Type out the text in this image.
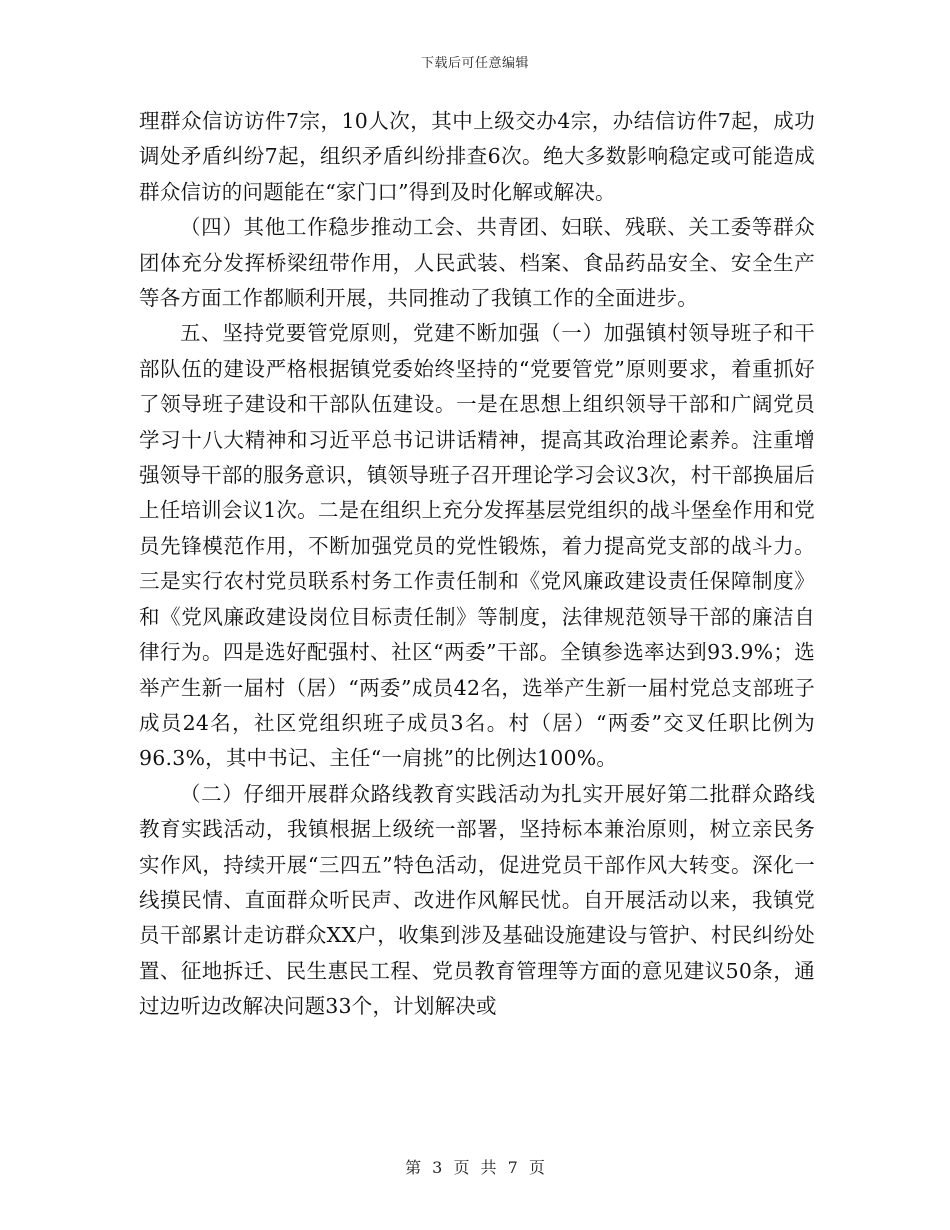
下载后可任意编辑

理群众信访访件7宗，10人次，其中上级交办4宗，办结信访件7起，成功调处矛盾纠纷7起，组织矛盾纠纷排查6次。绝大多数影响稳定或可能造成群众信访的问题能在“家门口”得到及时化解或解决。

（四）其他工作稳步推动工会、共青团、妇联、残联、关工委等群众团体充分发挥桥梁纽带作用，人民武装、档案、食品药品安全、安全生产等各方面工作都顺利开展，共同推动了我镇工作的全面进步。

五、坚持党要管党原则，党建不断加强（一）加强镇村领导班子和干部队伍的建设严格根据镇党委始终坚持的“党要管党”原则要求，着重抓好了领导班子建设和干部队伍建设。一是在思想上组织领导干部和广阔党员学习十八大精神和习近平总书记讲话精神，提高其政治理论素养。注重增强领导干部的服务意识，镇领导班子召开理论学习会议3次，村干部换届后上任培训会议1次。二是在组织上充分发挥基层党组织的战斗堡垒作用和党员先锋模范作用，不断加强党员的党性锻炼，着力提高党支部的战斗力。三是实行农村党员联系村务工作责任制和《党风廉政建设责任保障制度》和《党风廉政建设岗位目标责任制》等制度，法律规范领导干部的廉洁自律行为。四是选好配强村、社区“两委”干部。全镇参选率达到93.9%；选举产生新一届村（居）“两委”成员42名，选举产生新一届村党总支部班子成员24名，社区党组织班子成员3名。村（居）“两委”交叉任职比例为96.3%，其中书记、主任“一肩挑”的比例达100%。

（二）仔细开展群众路线教育实践活动为扎实开展好第二批群众路线教育实践活动，我镇根据上级统一部署，坚持标本兼治原则，树立亲民务实作风，持续开展“三四五”特色活动，促进党员干部作风大转变。深化一线摸民情、直面群众听民声、改进作风解民忧。自开展活动以来，我镇党员干部累计走访群众XX户，收集到涉及基础设施建设与管护、村民纠纷处置、征地拆迁、民生惠民工程、党员教育管理等方面的意见建议50条，通过边听边改解决问题33个，计划解决或

第 3 页 共 7 页
